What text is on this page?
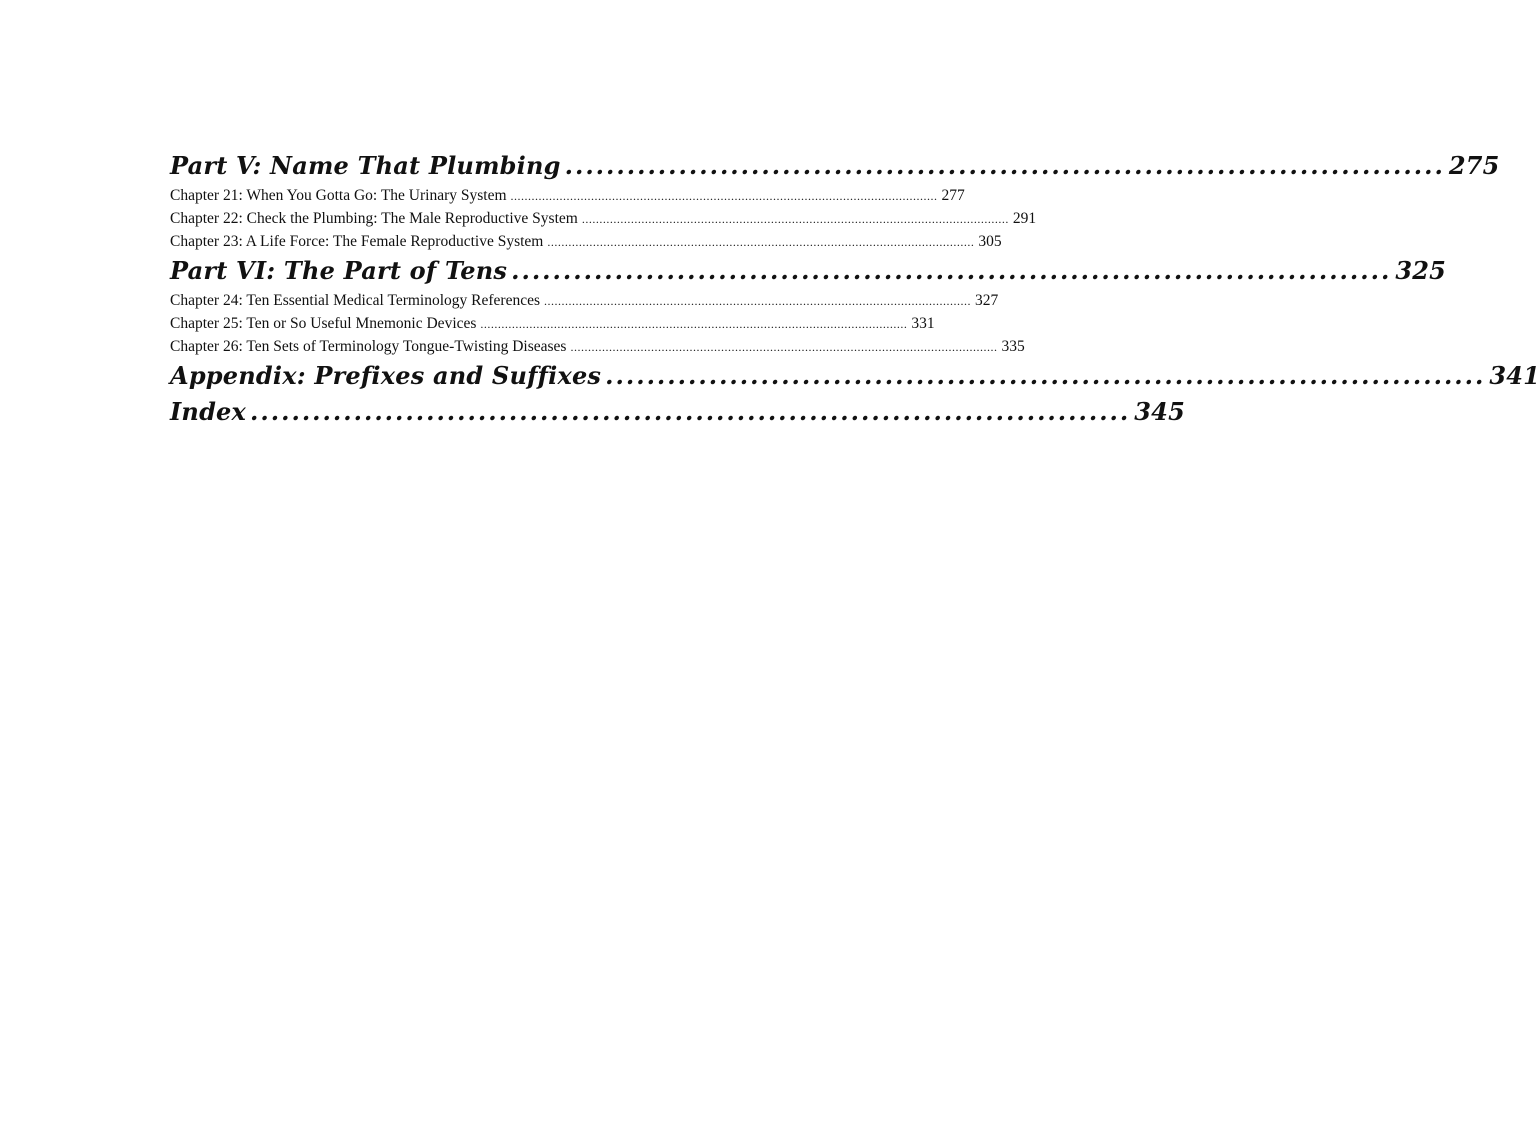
Part V: Name That Plumbing ..................................................................................... 275
Chapter 21: When You Gotta Go: The Urinary System .......................................................................................................................... 277
Chapter 22: Check the Plumbing: The Male Reproductive System .......................................................................................................................... 291
Chapter 23: A Life Force: The Female Reproductive System .......................................................................................................................... 305
Part VI: The Part of Tens ..................................................................................... 325
Chapter 24: Ten Essential Medical Terminology References .......................................................................................................................... 327
Chapter 25: Ten or So Useful Mnemonic Devices .......................................................................................................................... 331
Chapter 26: Ten Sets of Terminology Tongue-Twisting Diseases .......................................................................................................................... 335
Appendix: Prefixes and Suffixes ..................................................................................... 341
Index ..................................................................................... 345
